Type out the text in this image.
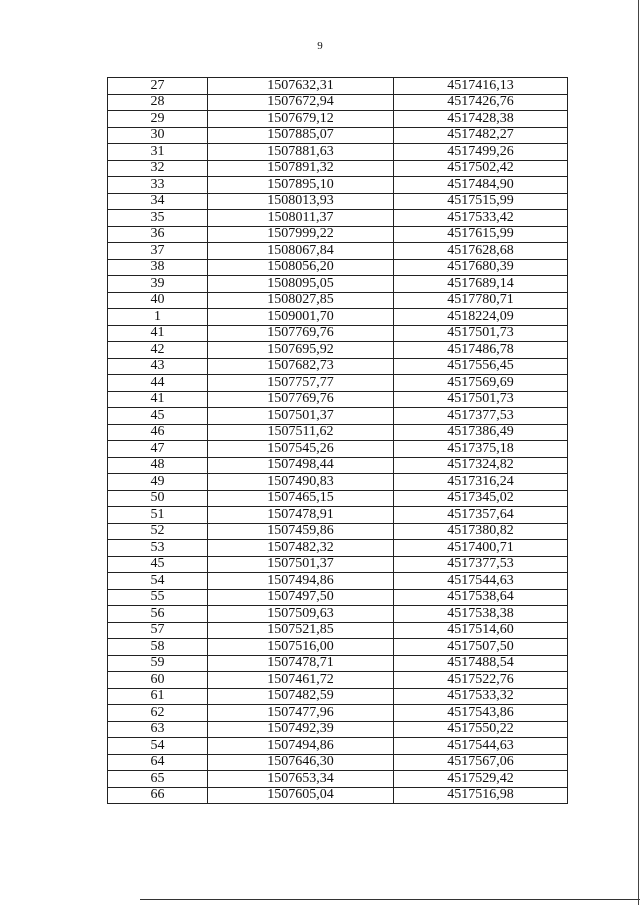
9
27	1507632,31	4517416,13
28	1507672,94	4517426,76
29	1507679,12	4517428,38
30	1507885,07	4517482,27
31	1507881,63	4517499,26
32	1507891,32	4517502,42
33	1507895,10	4517484,90
34	1508013,93	4517515,99
35	1508011,37	4517533,42
36	1507999,22	4517615,99
37	1508067,84	4517628,68
38	1508056,20	4517680,39
39	1508095,05	4517689,14
40	1508027,85	4517780,71
1	1509001,70	4518224,09
41	1507769,76	4517501,73
42	1507695,92	4517486,78
43	1507682,73	4517556,45
44	1507757,77	4517569,69
41	1507769,76	4517501,73
45	1507501,37	4517377,53
46	1507511,62	4517386,49
47	1507545,26	4517375,18
48	1507498,44	4517324,82
49	1507490,83	4517316,24
50	1507465,15	4517345,02
51	1507478,91	4517357,64
52	1507459,86	4517380,82
53	1507482,32	4517400,71
45	1507501,37	4517377,53
54	1507494,86	4517544,63
55	1507497,50	4517538,64
56	1507509,63	4517538,38
57	1507521,85	4517514,60
58	1507516,00	4517507,50
59	1507478,71	4517488,54
60	1507461,72	4517522,76
61	1507482,59	4517533,32
62	1507477,96	4517543,86
63	1507492,39	4517550,22
54	1507494,86	4517544,63
64	1507646,30	4517567,06
65	1507653,34	4517529,42
66	1507605,04	4517516,98
